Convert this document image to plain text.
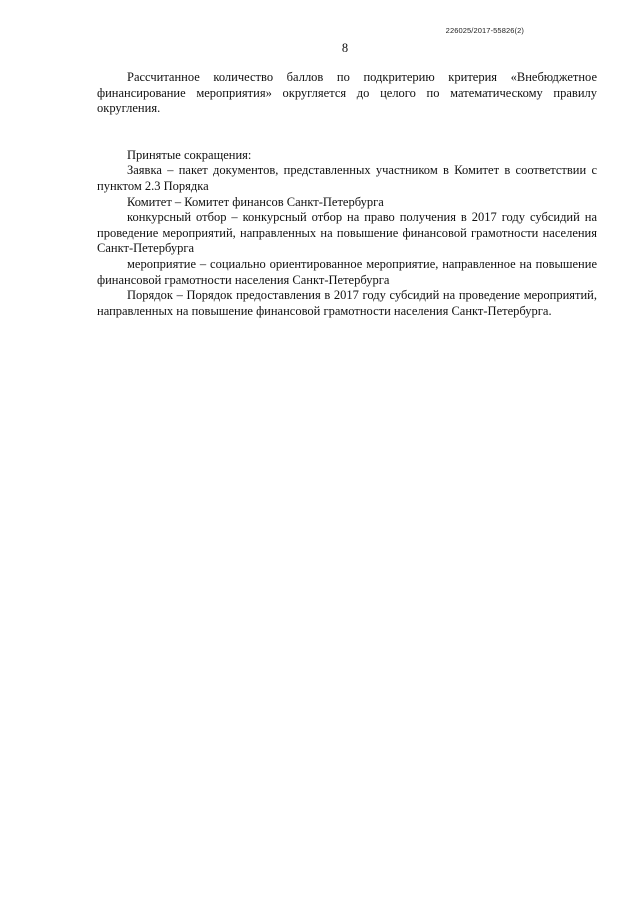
226025/2017-55826(2)
8

Рассчитанное количество баллов по подкритерию критерия «Внебюджетное финансирование мероприятия» округляется до целого по математическому правилу округления.

Принятые сокращения:

Заявка – пакет документов, представленных участником в Комитет в соответствии с пунктом 2.3 Порядка

Комитет – Комитет финансов Санкт-Петербурга

конкурсный отбор – конкурсный отбор на право получения в 2017 году субсидий на проведение мероприятий, направленных на повышение финансовой грамотности населения Санкт-Петербурга

мероприятие – социально ориентированное мероприятие, направленное на повышение финансовой грамотности населения Санкт-Петербурга

Порядок – Порядок предоставления в 2017 году субсидий на проведение мероприятий, направленных на повышение финансовой грамотности населения Санкт-Петербурга.
